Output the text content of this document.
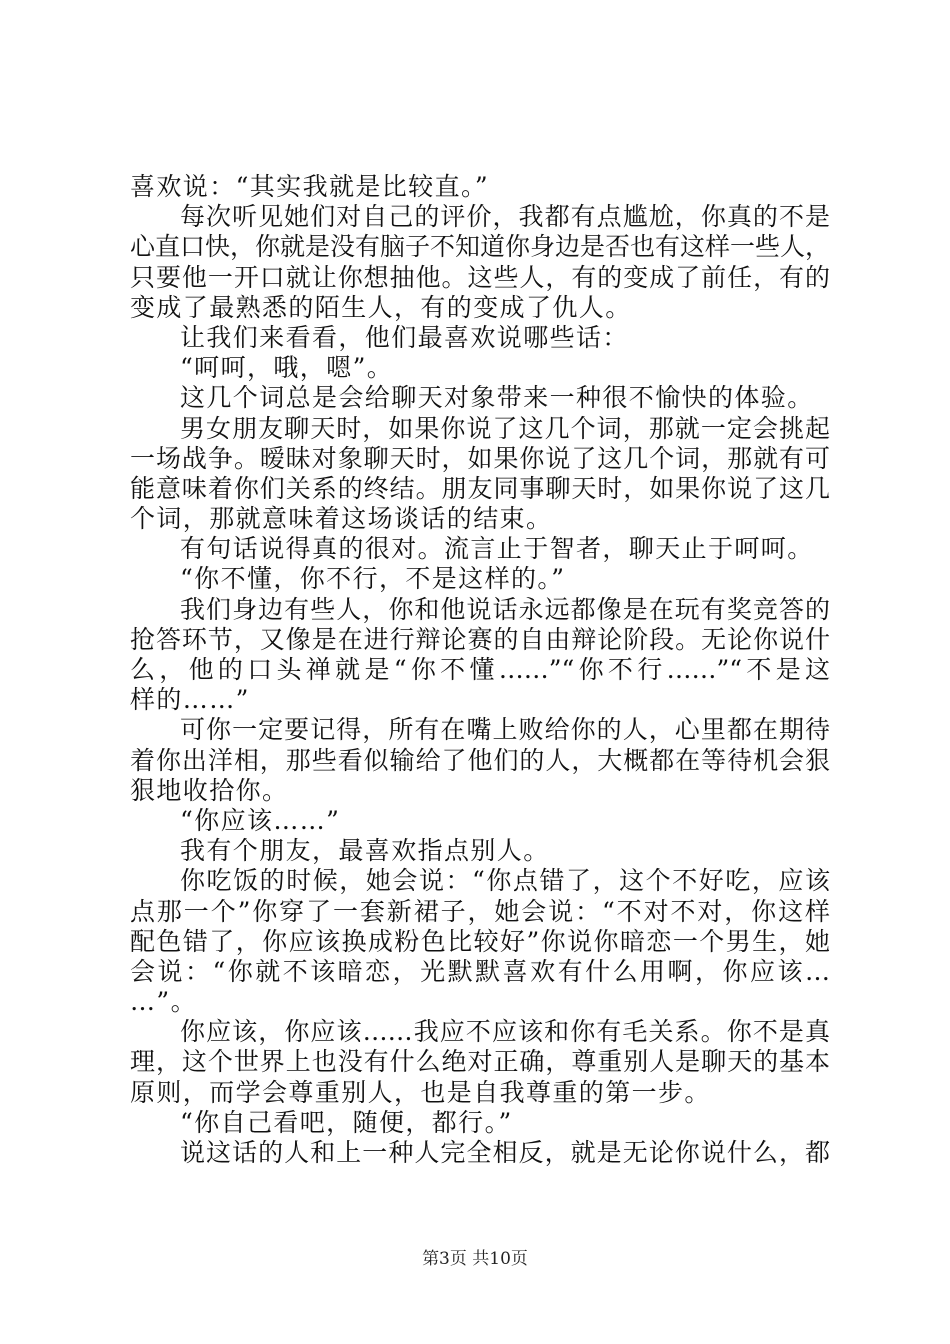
喜欢说：“其实我就是比较直。”
每次听见她们对自己的评价，我都有点尴尬，你真的不是
心直口快，你就是没有脑子不知道你身边是否也有这样一些人，
只要他一开口就让你想抽他。这些人，有的变成了前任，有的
变成了最熟悉的陌生人，有的变成了仇人。
让我们来看看，他们最喜欢说哪些话：
“呵呵，哦，嗯”。
这几个词总是会给聊天对象带来一种很不愉快的体验。
男女朋友聊天时，如果你说了这几个词，那就一定会挑起
一场战争。暧昧对象聊天时，如果你说了这几个词，那就有可
能意味着你们关系的终结。朋友同事聊天时，如果你说了这几
个词，那就意味着这场谈话的结束。
有句话说得真的很对。流言止于智者，聊天止于呵呵。
“你不懂，你不行，不是这样的。”
我们身边有些人，你和他说话永远都像是在玩有奖竞答的
抢答环节，又像是在进行辩论赛的自由辩论阶段。无论你说什
么，他的口头禅就是“你不懂……”“你不行……”“不是这
样的……”
可你一定要记得，所有在嘴上败给你的人，心里都在期待
着你出洋相，那些看似输给了他们的人，大概都在等待机会狠
狠地收拾你。
“你应该……”
我有个朋友，最喜欢指点别人。
你吃饭的时候，她会说：“你点错了，这个不好吃，应该
点那一个”你穿了一套新裙子，她会说：“不对不对，你这样
配色错了，你应该换成粉色比较好”你说你暗恋一个男生，她
会说：“你就不该暗恋，光默默喜欢有什么用啊，你应该…
…”。
你应该，你应该……我应不应该和你有毛关系。你不是真
理，这个世界上也没有什么绝对正确，尊重别人是聊天的基本
原则，而学会尊重别人，也是自我尊重的第一步。
“你自己看吧，随便，都行。”
说这话的人和上一种人完全相反，就是无论你说什么，都
第3页 共10页
